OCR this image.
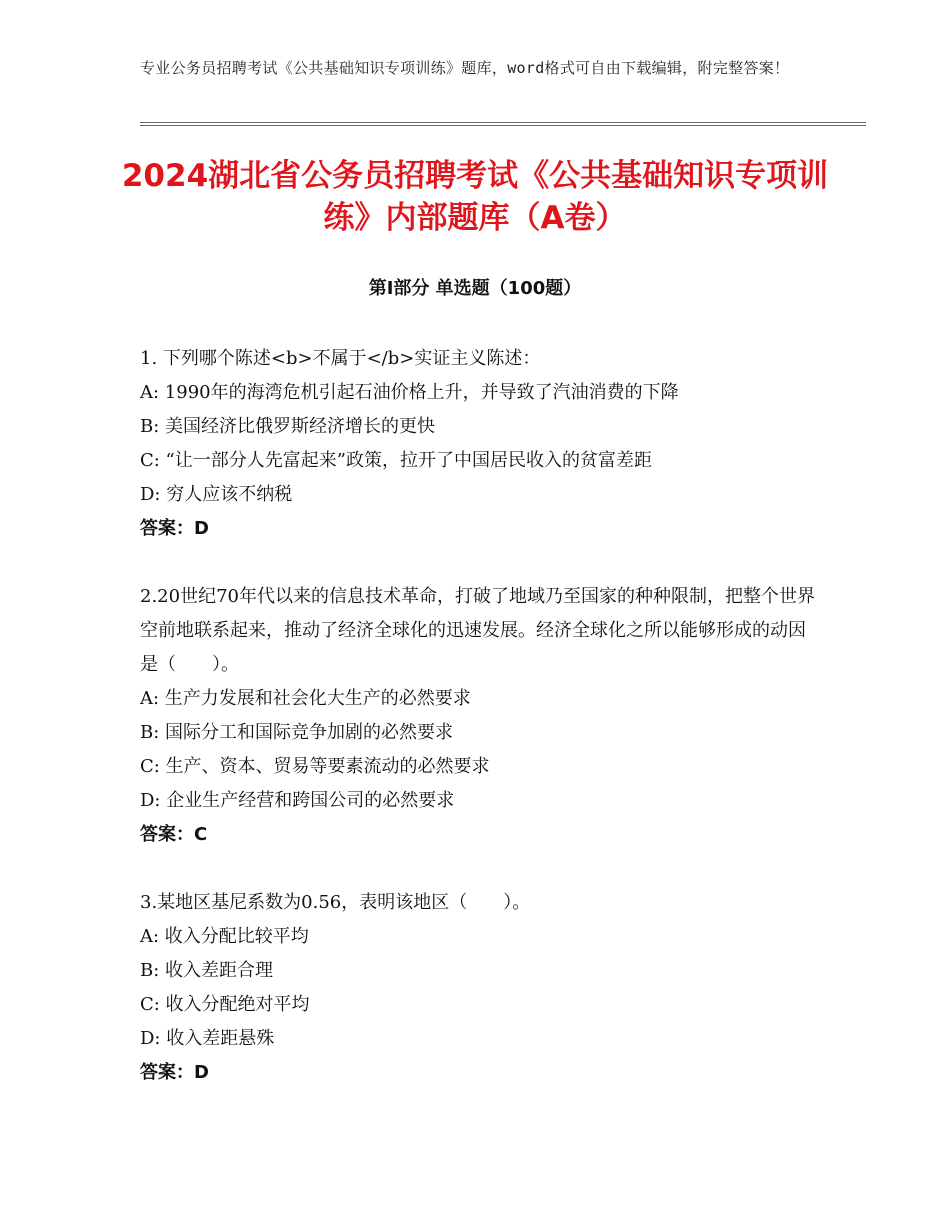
专业公务员招聘考试《公共基础知识专项训练》题库，word格式可自由下载编辑，附完整答案！
2024湖北省公务员招聘考试《公共基础知识专项训练》内部题库（A卷）
第I部分 单选题（100题）
1. 下列哪个陈述<b>不属于</b>实证主义陈述：
A: 1990年的海湾危机引起石油价格上升，并导致了汽油消费的下降
B: 美国经济比俄罗斯经济增长的更快
C: “让一部分人先富起来”政策，拉开了中国居民收入的贫富差距
D: 穷人应该不纳税
答案：D
2.20世纪70年代以来的信息技术革命，打破了地域乃至国家的种种限制，把整个世界空前地联系起来，推动了经济全球化的迅速发展。经济全球化之所以能够形成的动因是（　　）。
A: 生产力发展和社会化大生产的必然要求
B: 国际分工和国际竞争加剧的必然要求
C: 生产、资本、贸易等要素流动的必然要求
D: 企业生产经营和跨国公司的必然要求
答案：C
3.某地区基尼系数为0.56，表明该地区（　　）。
A: 收入分配比较平均
B: 收入差距合理
C: 收入分配绝对平均
D: 收入差距悬殊
答案：D
